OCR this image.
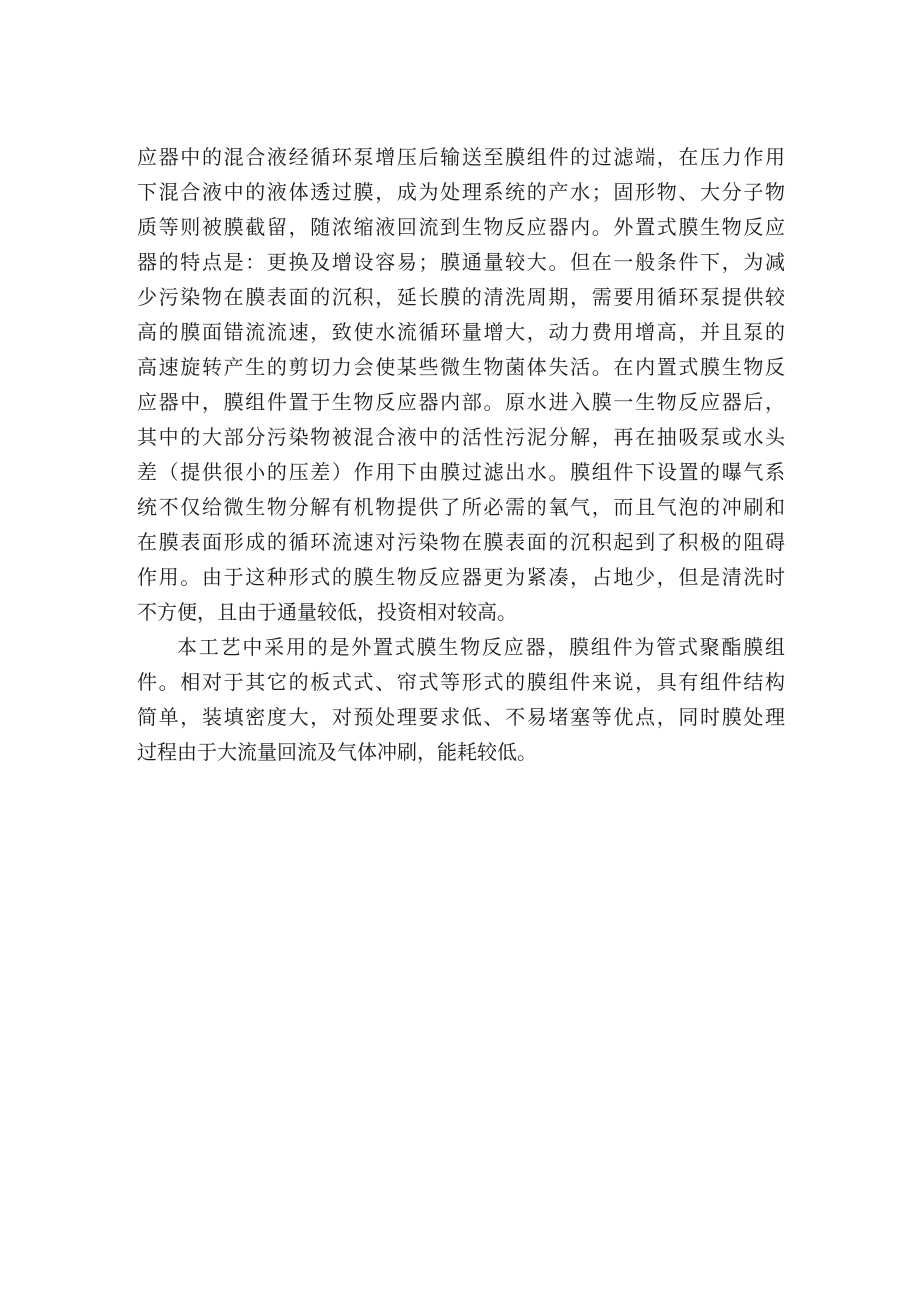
应器中的混合液经循环泵增压后输送至膜组件的过滤端，在压力作用
下混合液中的液体透过膜，成为处理系统的产水；固形物、大分子物
质等则被膜截留，随浓缩液回流到生物反应器内。外置式膜生物反应
器的特点是：更换及增设容易；膜通量较大。但在一般条件下，为减
少污染物在膜表面的沉积，延长膜的清洗周期，需要用循环泵提供较
高的膜面错流流速，致使水流循环量增大，动力费用增高，并且泵的
高速旋转产生的剪切力会使某些微生物菌体失活。在内置式膜生物反
应器中，膜组件置于生物反应器内部。原水进入膜一生物反应器后，
其中的大部分污染物被混合液中的活性污泥分解，再在抽吸泵或水头
差（提供很小的压差）作用下由膜过滤出水。膜组件下设置的曝气系
统不仅给微生物分解有机物提供了所必需的氧气，而且气泡的冲刷和
在膜表面形成的循环流速对污染物在膜表面的沉积起到了积极的阻碍
作用。由于这种形式的膜生物反应器更为紧凑，占地少，但是清洗时
不方便，且由于通量较低，投资相对较高。
本工艺中采用的是外置式膜生物反应器，膜组件为管式聚酯膜组
件。相对于其它的板式式、帘式等形式的膜组件来说，具有组件结构
简单，装填密度大，对预处理要求低、不易堵塞等优点，同时膜处理
过程由于大流量回流及气体冲刷，能耗较低。
